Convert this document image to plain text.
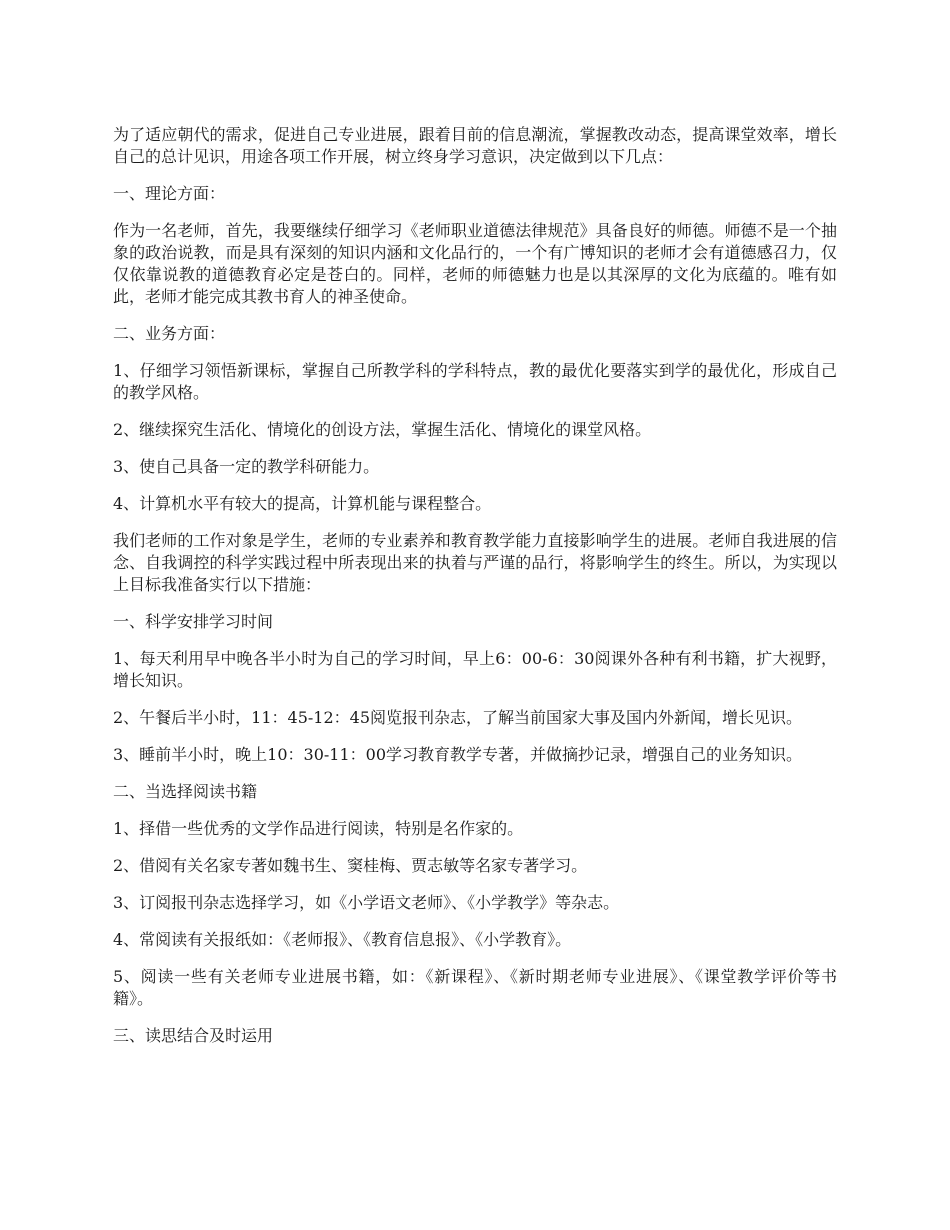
为了适应朝代的需求，促进自己专业进展，跟着目前的信息潮流，掌握教改动态，提高课堂效率，增长自己的总计见识，用途各项工作开展，树立终身学习意识，决定做到以下几点：

一、理论方面：

作为一名老师，首先，我要继续仔细学习《老师职业道德法律规范》具备良好的师德。师德不是一个抽象的政治说教，而是具有深刻的知识内涵和文化品行的，一个有广博知识的老师才会有道德感召力，仅仅依靠说教的道德教育必定是苍白的。同样，老师的师德魅力也是以其深厚的文化为底蕴的。唯有如此，老师才能完成其教书育人的神圣使命。

二、业务方面：

1、仔细学习领悟新课标，掌握自己所教学科的学科特点，教的最优化要落实到学的最优化，形成自己的教学风格。

2、继续探究生活化、情境化的创设方法，掌握生活化、情境化的课堂风格。

3、使自己具备一定的教学科研能力。

4、计算机水平有较大的提高，计算机能与课程整合。

我们老师的工作对象是学生，老师的专业素养和教育教学能力直接影响学生的进展。老师自我进展的信念、自我调控的科学实践过程中所表现出来的执着与严谨的品行，将影响学生的终生。所以，为实现以上目标我准备实行以下措施：

一、科学安排学习时间

1、每天利用早中晚各半小时为自己的学习时间，早上6：00-6：30阅课外各种有利书籍，扩大视野，增长知识。

2、午餐后半小时，11：45-12：45阅览报刊杂志，了解当前国家大事及国内外新闻，增长见识。

3、睡前半小时，晚上10：30-11：00学习教育教学专著，并做摘抄记录，增强自己的业务知识。

二、当选择阅读书籍

1、择借一些优秀的文学作品进行阅读，特别是名作家的。

2、借阅有关名家专著如魏书生、窦桂梅、贾志敏等名家专著学习。

3、订阅报刊杂志选择学习，如《小学语文老师》、《小学教学》等杂志。

4、常阅读有关报纸如：《老师报》、《教育信息报》、《小学教育》。

5、阅读一些有关老师专业进展书籍，如：《新课程》、《新时期老师专业进展》、《课堂教学评价等书籍》。

三、读思结合及时运用
